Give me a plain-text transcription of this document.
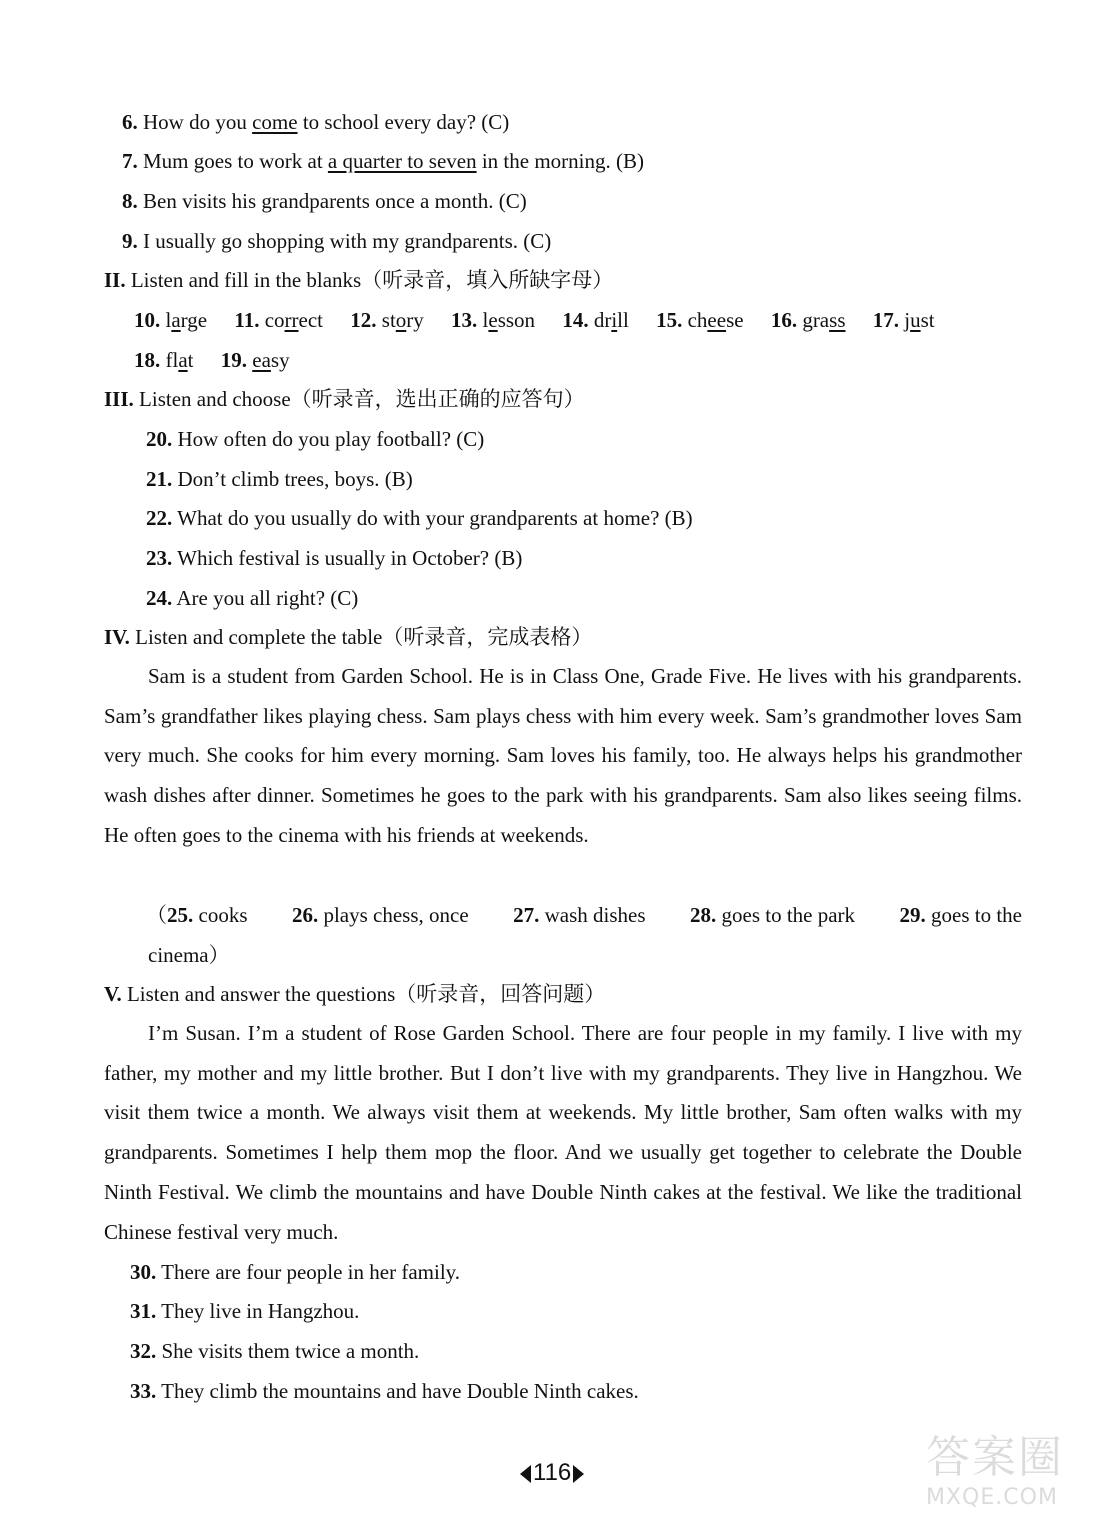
6. How do you come to school every day? (C)
7. Mum goes to work at a quarter to seven in the morning. (B)
8. Ben visits his grandparents once a month. (C)
9. I usually go shopping with my grandparents. (C)
II. Listen and fill in the blanks（听录音，填入所缺字母）
10. large 11. correct 12. story 13. lesson 14. drill 15. cheese 16. grass 17. just
18. flat 19. easy
III. Listen and choose（听录音，选出正确的应答句）
20. How often do you play football? (C)
21. Don’t climb trees, boys. (B)
22. What do you usually do with your grandparents at home? (B)
23. Which festival is usually in October? (B)
24. Are you all right? (C)
IV. Listen and complete the table（听录音，完成表格）
Sam is a student from Garden School. He is in Class One, Grade Five. He lives with his grandparents. Sam’s grandfather likes playing chess. Sam plays chess with him every week. Sam’s grandmother loves Sam very much. She cooks for him every morning. Sam loves his family, too. He always helps his grandmother wash dishes after dinner. Sometimes he goes to the park with his grandparents. Sam also likes seeing films. He often goes to the cinema with his friends at weekends.
（25. cooks 26. plays chess, once 27. wash dishes 28. goes to the park 29. goes to the
cinema）
V. Listen and answer the questions（听录音，回答问题）
I’m Susan. I’m a student of Rose Garden School. There are four people in my family. I live with my father, my mother and my little brother. But I don’t live with my grandparents. They live in Hangzhou. We visit them twice a month. We always visit them at weekends. My little brother, Sam often walks with my grandparents. Sometimes I help them mop the floor. And we usually get together to celebrate the Double Ninth Festival. We climb the mountains and have Double Ninth cakes at the festival. We like the traditional Chinese festival very much.
30. There are four people in her family.
31. They live in Hangzhou.
32. She visits them twice a month.
33. They climb the mountains and have Double Ninth cakes.
116	答案圈
MXQE.COM
